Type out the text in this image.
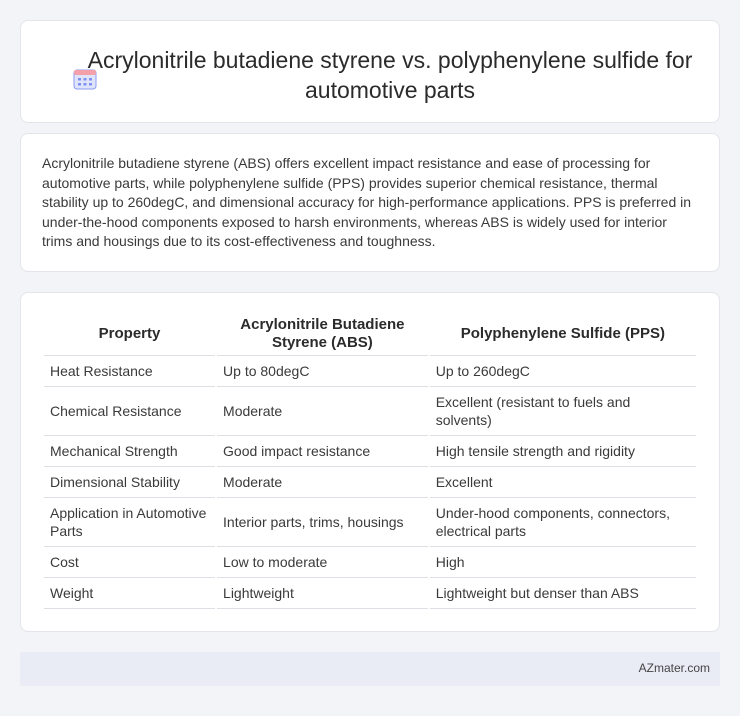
Acrylonitrile butadiene styrene vs. polyphenylene sulfide for automotive parts

Acrylonitrile butadiene styrene (ABS) offers excellent impact resistance and ease of processing for automotive parts, while polyphenylene sulfide (PPS) provides superior chemical resistance, thermal stability up to 260degC, and dimensional accuracy for high-performance applications. PPS is preferred in under-the-hood components exposed to harsh environments, whereas ABS is widely used for interior trims and housings due to its cost-effectiveness and toughness.

Property	Acrylonitrile Butadiene Styrene (ABS)	Polyphenylene Sulfide (PPS)
Heat Resistance	Up to 80degC	Up to 260degC
Chemical Resistance	Moderate	Excellent (resistant to fuels and solvents)
Mechanical Strength	Good impact resistance	High tensile strength and rigidity
Dimensional Stability	Moderate	Excellent
Application in Automotive Parts	Interior parts, trims, housings	Under-hood components, connectors, electrical parts
Cost	Low to moderate	High
Weight	Lightweight	Lightweight but denser than ABS
AZmater.com
